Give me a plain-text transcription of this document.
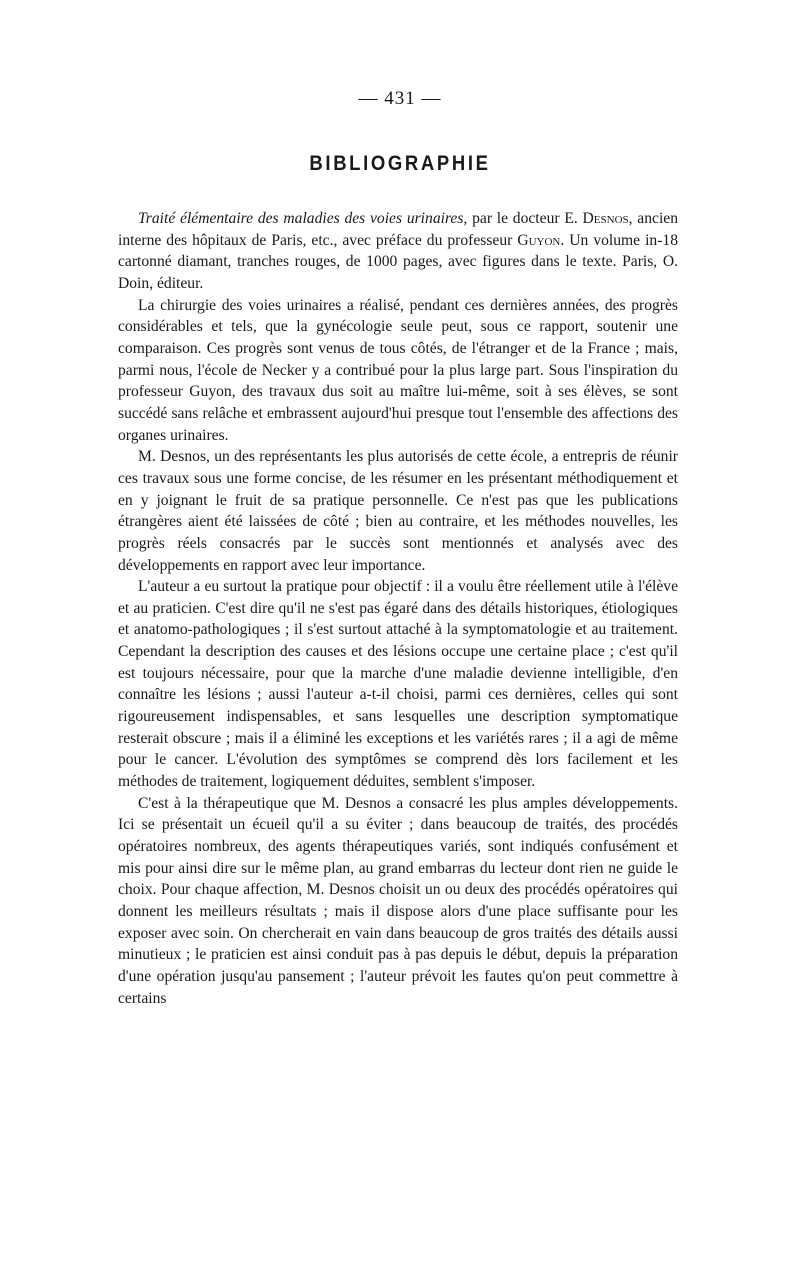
— 431 —
BIBLIOGRAPHIE

Traité élémentaire des maladies des voies urinaires, par le docteur E. Desnos, ancien interne des hôpitaux de Paris, etc., avec préface du professeur Guyon. Un volume in-18 cartonné diamant, tranches rouges, de 1000 pages, avec figures dans le texte. Paris, O. Doin, éditeur.

La chirurgie des voies urinaires a réalisé, pendant ces dernières années, des progrès considérables et tels, que la gynécologie seule peut, sous ce rapport, soutenir une comparaison. Ces progrès sont venus de tous côtés, de l'étranger et de la France ; mais, parmi nous, l'école de Necker y a contribué pour la plus large part. Sous l'inspiration du professeur Guyon, des travaux dus soit au maître lui-même, soit à ses élèves, se sont succédé sans relâche et embrassent aujourd'hui presque tout l'ensemble des affections des organes urinaires.

M. Desnos, un des représentants les plus autorisés de cette école, a entrepris de réunir ces travaux sous une forme concise, de les résumer en les présentant méthodiquement et en y joignant le fruit de sa pratique personnelle. Ce n'est pas que les publications étrangères aient été laissées de côté ; bien au contraire, et les méthodes nouvelles, les progrès réels consacrés par le succès sont mentionnés et analysés avec des développements en rapport avec leur importance.

L'auteur a eu surtout la pratique pour objectif : il a voulu être réellement utile à l'élève et au praticien. C'est dire qu'il ne s'est pas égaré dans des détails historiques, étiologiques et anatomo-pathologiques ; il s'est surtout attaché à la symptomatologie et au traitement. Cependant la description des causes et des lésions occupe une certaine place ; c'est qu'il est toujours nécessaire, pour que la marche d'une maladie devienne intelligible, d'en connaître les lésions ; aussi l'auteur a-t-il choisi, parmi ces dernières, celles qui sont rigoureusement indispensables, et sans lesquelles une description symptomatique resterait obscure ; mais il a éliminé les exceptions et les variétés rares ; il a agi de même pour le cancer. L'évolution des symptômes se comprend dès lors facilement et les méthodes de traitement, logiquement déduites, semblent s'imposer.

C'est à la thérapeutique que M. Desnos a consacré les plus amples développements. Ici se présentait un écueil qu'il a su éviter ; dans beaucoup de traités, des procédés opératoires nombreux, des agents thérapeutiques variés, sont indiqués confusément et mis pour ainsi dire sur le même plan, au grand embarras du lecteur dont rien ne guide le choix. Pour chaque affection, M. Desnos choisit un ou deux des procédés opératoires qui donnent les meilleurs résultats ; mais il dispose alors d'une place suffisante pour les exposer avec soin. On chercherait en vain dans beaucoup de gros traités des détails aussi minutieux ; le praticien est ainsi conduit pas à pas depuis le début, depuis la préparation d'une opération jusqu'au pansement ; l'auteur prévoit les fautes qu'on peut commettre à certains
